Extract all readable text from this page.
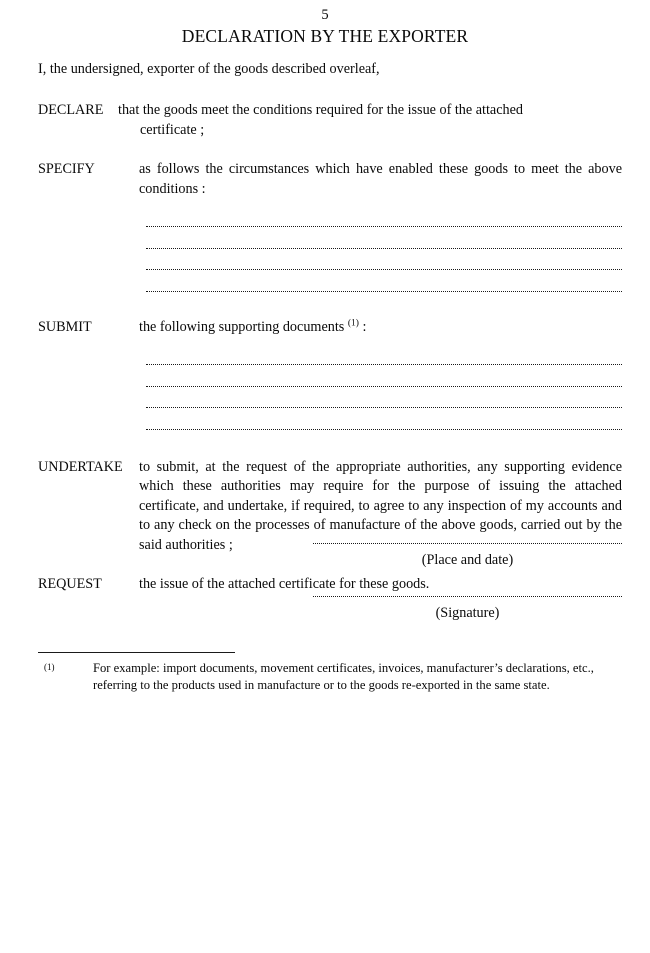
5
DECLARATION BY THE EXPORTER

I, the undersigned, exporter of the goods described overleaf,

DECLARE that the goods meet the conditions required for the issue of the attached

certificate ;

SPECIFY	as follows the circumstances which have enabled these goods to meet the above conditions :

SUBMIT	the following supporting documents $^{(1)}$ :

UNDERTAKE to submit, at the request of the appropriate authorities, any supporting evidence which these authorities may require for the purpose of issuing the attached certificate, and undertake, if required, to agree to any inspection of my accounts and to any check on the processes of manufacture of the above goods, carried out by the said authorities ;

REQUEST	the issue of the attached certificate for these goods.

(Place and date)
(Signature)
(1)	For example: import documents, movement certificates, invoices, manufacturer’s declarations, etc.,

referring to the products used in manufacture or to the goods re-exported in the same state.
